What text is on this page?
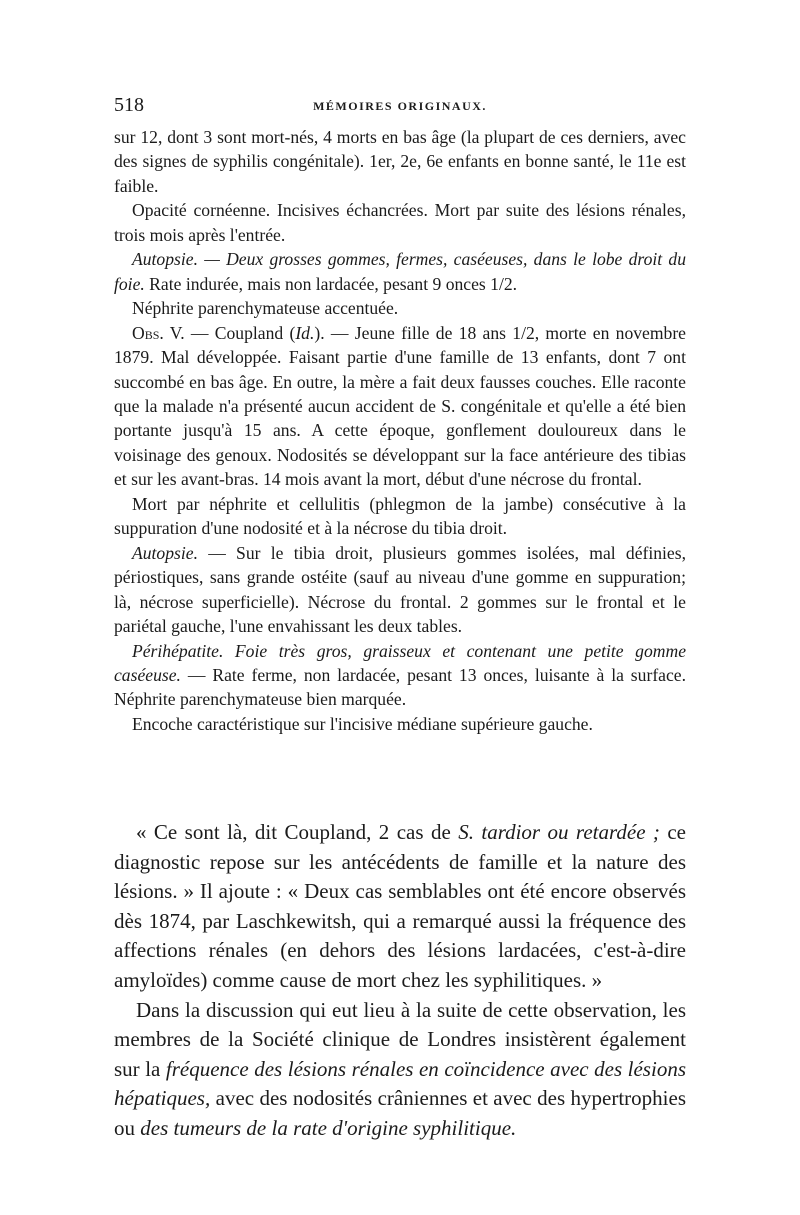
518	MÉMOIRES ORIGINAUX.

sur 12, dont 3 sont mort-nés, 4 morts en bas âge (la plupart de ces derniers, avec des signes de syphilis congénitale). 1er, 2e, 6e enfants en bonne santé, le 11e est faible.

Opacité cornéenne. Incisives échancrées. Mort par suite des lésions rénales, trois mois après l'entrée.

Autopsie. — Deux grosses gommes, fermes, caséeuses, dans le lobe droit du foie. Rate indurée, mais non lardacée, pesant 9 onces 1/2.

Néphrite parenchymateuse accentuée.

Obs. V. — Coupland (Id.). — Jeune fille de 18 ans 1/2, morte en novembre 1879. Mal développée. Faisant partie d'une famille de 13 enfants, dont 7 ont succombé en bas âge. En outre, la mère a fait deux fausses couches. Elle raconte que la malade n'a présenté aucun accident de S. congénitale et qu'elle a été bien portante jusqu'à 15 ans. A cette époque, gonflement douloureux dans le voisinage des genoux. Nodosités se développant sur la face antérieure des tibias et sur les avant-bras. 14 mois avant la mort, début d'une nécrose du frontal.

Mort par néphrite et cellulitis (phlegmon de la jambe) consécutive à la suppuration d'une nodosité et à la nécrose du tibia droit.

Autopsie. — Sur le tibia droit, plusieurs gommes isolées, mal définies, périostiques, sans grande ostéite (sauf au niveau d'une gomme en suppuration; là, nécrose superficielle). Nécrose du frontal. 2 gommes sur le frontal et le pariétal gauche, l'une envahissant les deux tables.

Périhépatite. Foie très gros, graisseux et contenant une petite gomme caséeuse. — Rate ferme, non lardacée, pesant 13 onces, luisante à la surface. Néphrite parenchymateuse bien marquée.

Encoche caractéristique sur l'incisive médiane supérieure gauche.

« Ce sont là, dit Coupland, 2 cas de S. tardior ou retardée ; ce diagnostic repose sur les antécédents de famille et la nature des lésions. » Il ajoute : « Deux cas semblables ont été encore observés dès 1874, par Laschkewitsh, qui a remarqué aussi la fréquence des affections rénales (en dehors des lésions lardacées, c'est-à-dire amyloïdes) comme cause de mort chez les syphilitiques. »

Dans la discussion qui eut lieu à la suite de cette observation, les membres de la Société clinique de Londres insistèrent également sur la fréquence des lésions rénales en coïncidence avec des lésions hépatiques, avec des nodosités crâniennes et avec des hypertrophies ou des tumeurs de la rate d'origine syphilitique.
